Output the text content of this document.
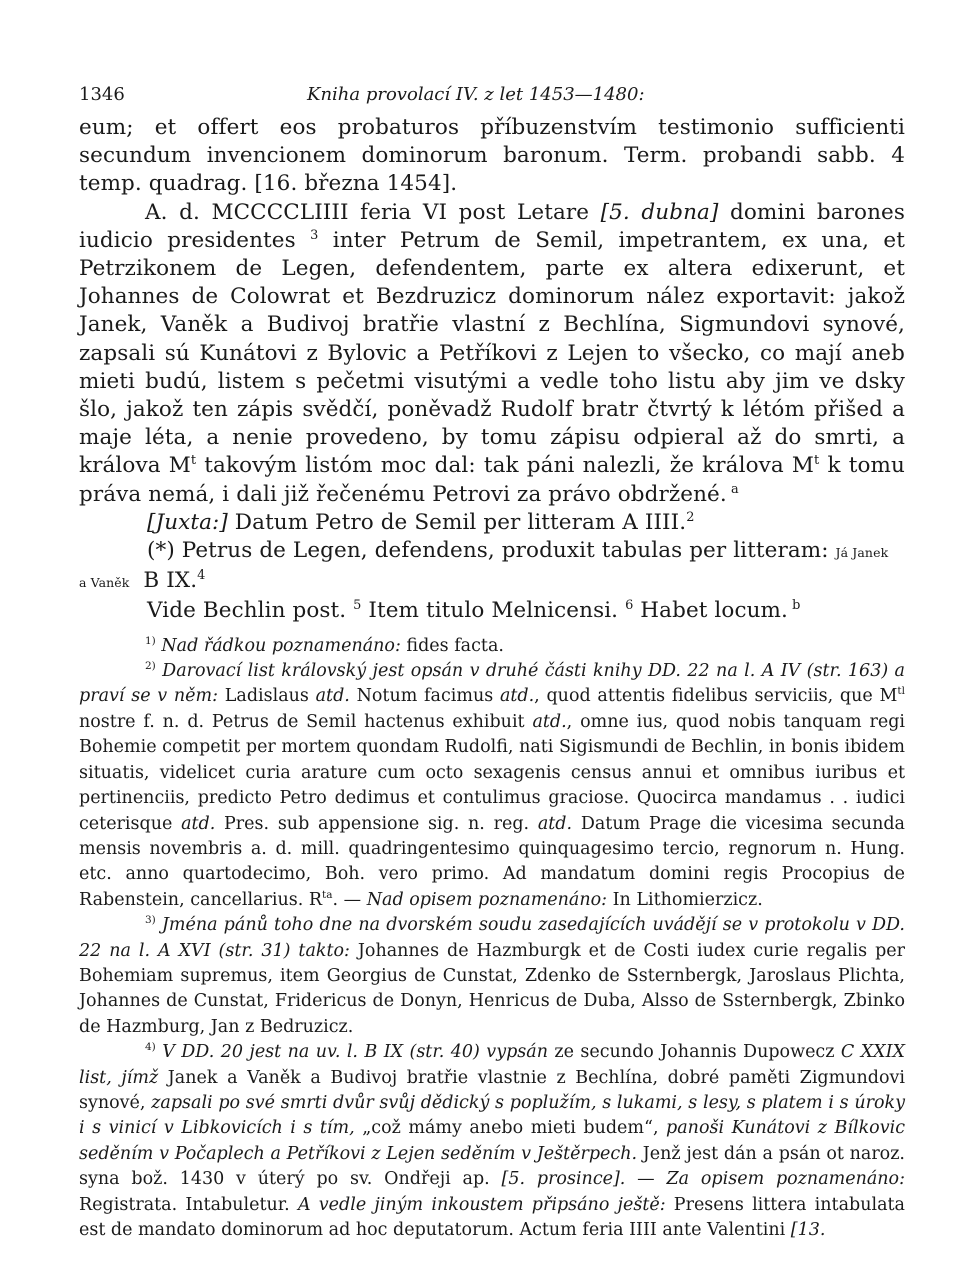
1346	Kniha provolací IV. z let 1453—1480:

eum; et offert eos probaturos příbuzenstvím testimonio sufficienti secundum invencionem dominorum baronum. Term. probandi sabb. 4 temp. quadrag. [16. března 1454].

A. d. MCCCCLIIII feria VI post Letare [5. dubna] domini barones iudicio presidentes $^3$ inter Petrum de Semil, impetrantem, ex una, et Petrzikonem de Legen, defendentem, parte ex altera edixerunt, et Johannes de Colowrat et Bezdruzicz dominorum nález exportavit: jakož Janek, Vaněk a Budivoj bratřie vlastní z Bechlína, Sigmundovi synové, zapsali sú Kunátovi z Bylovic a Petříkovi z Lejen to všecko, co mají aneb mieti budú, listem s pečetmi visutými a vedle toho listu aby jim ve dsky šlo, jakož ten zápis svědčí, poněvadž Rudolf bratr čtvrtý k létóm přišed a maje léta, a nenie provedeno, by tomu zápisu odpieral až do smrti, a králova $M^t$ takovým listóm moc dal: tak páni nalezli, že králova $M^t$ k tomu práva nemá, i dali již řečenému Petrovi za právo obdržené. $^a$

[Juxta:] Datum Petro de Semil per litteram A IIII.$^2$

(*) Petrus de Legen, defendens, produxit tabulas per litteram: Já Janek

a Vaněk B IX.$^4$

Vide Bechlin post. $^5$ Item titulo Melnicensi. $^6$ Habet locum. $^b$

$^{1)}$ Nad řádkou poznamenáno: fides facta.

$^{2)}$ Darovací list královský jest opsán v druhé části knihy DD. 22 na l. A IV (str. 163) a praví se v něm: Ladislaus atd. Notum facimus atd., quod attentis fidelibus serviciis, que $M^{tl}$ nostre f. n. d. Petrus de Semil hactenus exhibuit atd., omne ius, quod nobis tanquam regi Bohemie competit per mortem quondam Rudolfi, nati Sigismundi de Bechlin, in bonis ibidem situatis, videlicet curia arature cum octo sexagenis census annui et omnibus iuribus et pertinenciis, predicto Petro dedimus et contulimus graciose. Quocirca mandamus . . iudici ceterisque atd. Pres. sub appensione sig. n. reg. atd. Datum Prage die vicesima secunda mensis novembris a. d. mill. quadringentesimo quinquagesimo tercio, regnorum n. Hung. etc. anno quartodecimo, Boh. vero primo. Ad mandatum domini regis Procopius de Rabenstein, cancellarius. $R^{ta}$. — Nad opisem poznamenáno: In Lithomierzicz.

$^{3)}$ Jména pánů toho dne na dvorském soudu zasedajících uvádějí se v protokolu v DD. 22 na l. A XVI (str. 31) takto: Johannes de Hazmburgk et de Costi iudex curie regalis per Bohemiam supremus, item Georgius de Cunstat, Zdenko de Ssternbergk, Jaroslaus Plichta, Johannes de Cunstat, Fridericus de Donyn, Henricus de Duba, Alsso de Ssternbergk, Zbinko de Hazmburg, Jan z Bedruzicz.

$^{4)}$ V DD. 20 jest na uv. l. B IX (str. 40) vypsán ze secundo Johannis Dupowecz C XXIX list, jímž Janek a Vaněk a Budivoj bratřie vlastnie z Bechlína, dobré paměti Zigmundovi synové, zapsali po své smrti dvůr svůj dědický s poplužím, s lukami, s lesy, s platem i s úroky i s vinicí v Libkovicích i s tím, „což mámy anebo mieti budem“, panoši Kunátovi z Bílkovic seděním v Počaplech a Petříkovi z Lejen seděním v Ještěrpech. Jenž jest dán a psán ot naroz. syna bož. 1430 v úterý po sv. Ondřeji ap. [5. prosince]. — Za opisem poznamenáno: Registrata. Intabuletur. A vedle jiným inkoustem připsáno ještě: Presens littera intabulata est de mandato dominorum ad hoc deputatorum. Actum feria IIII ante Valentini [13.
